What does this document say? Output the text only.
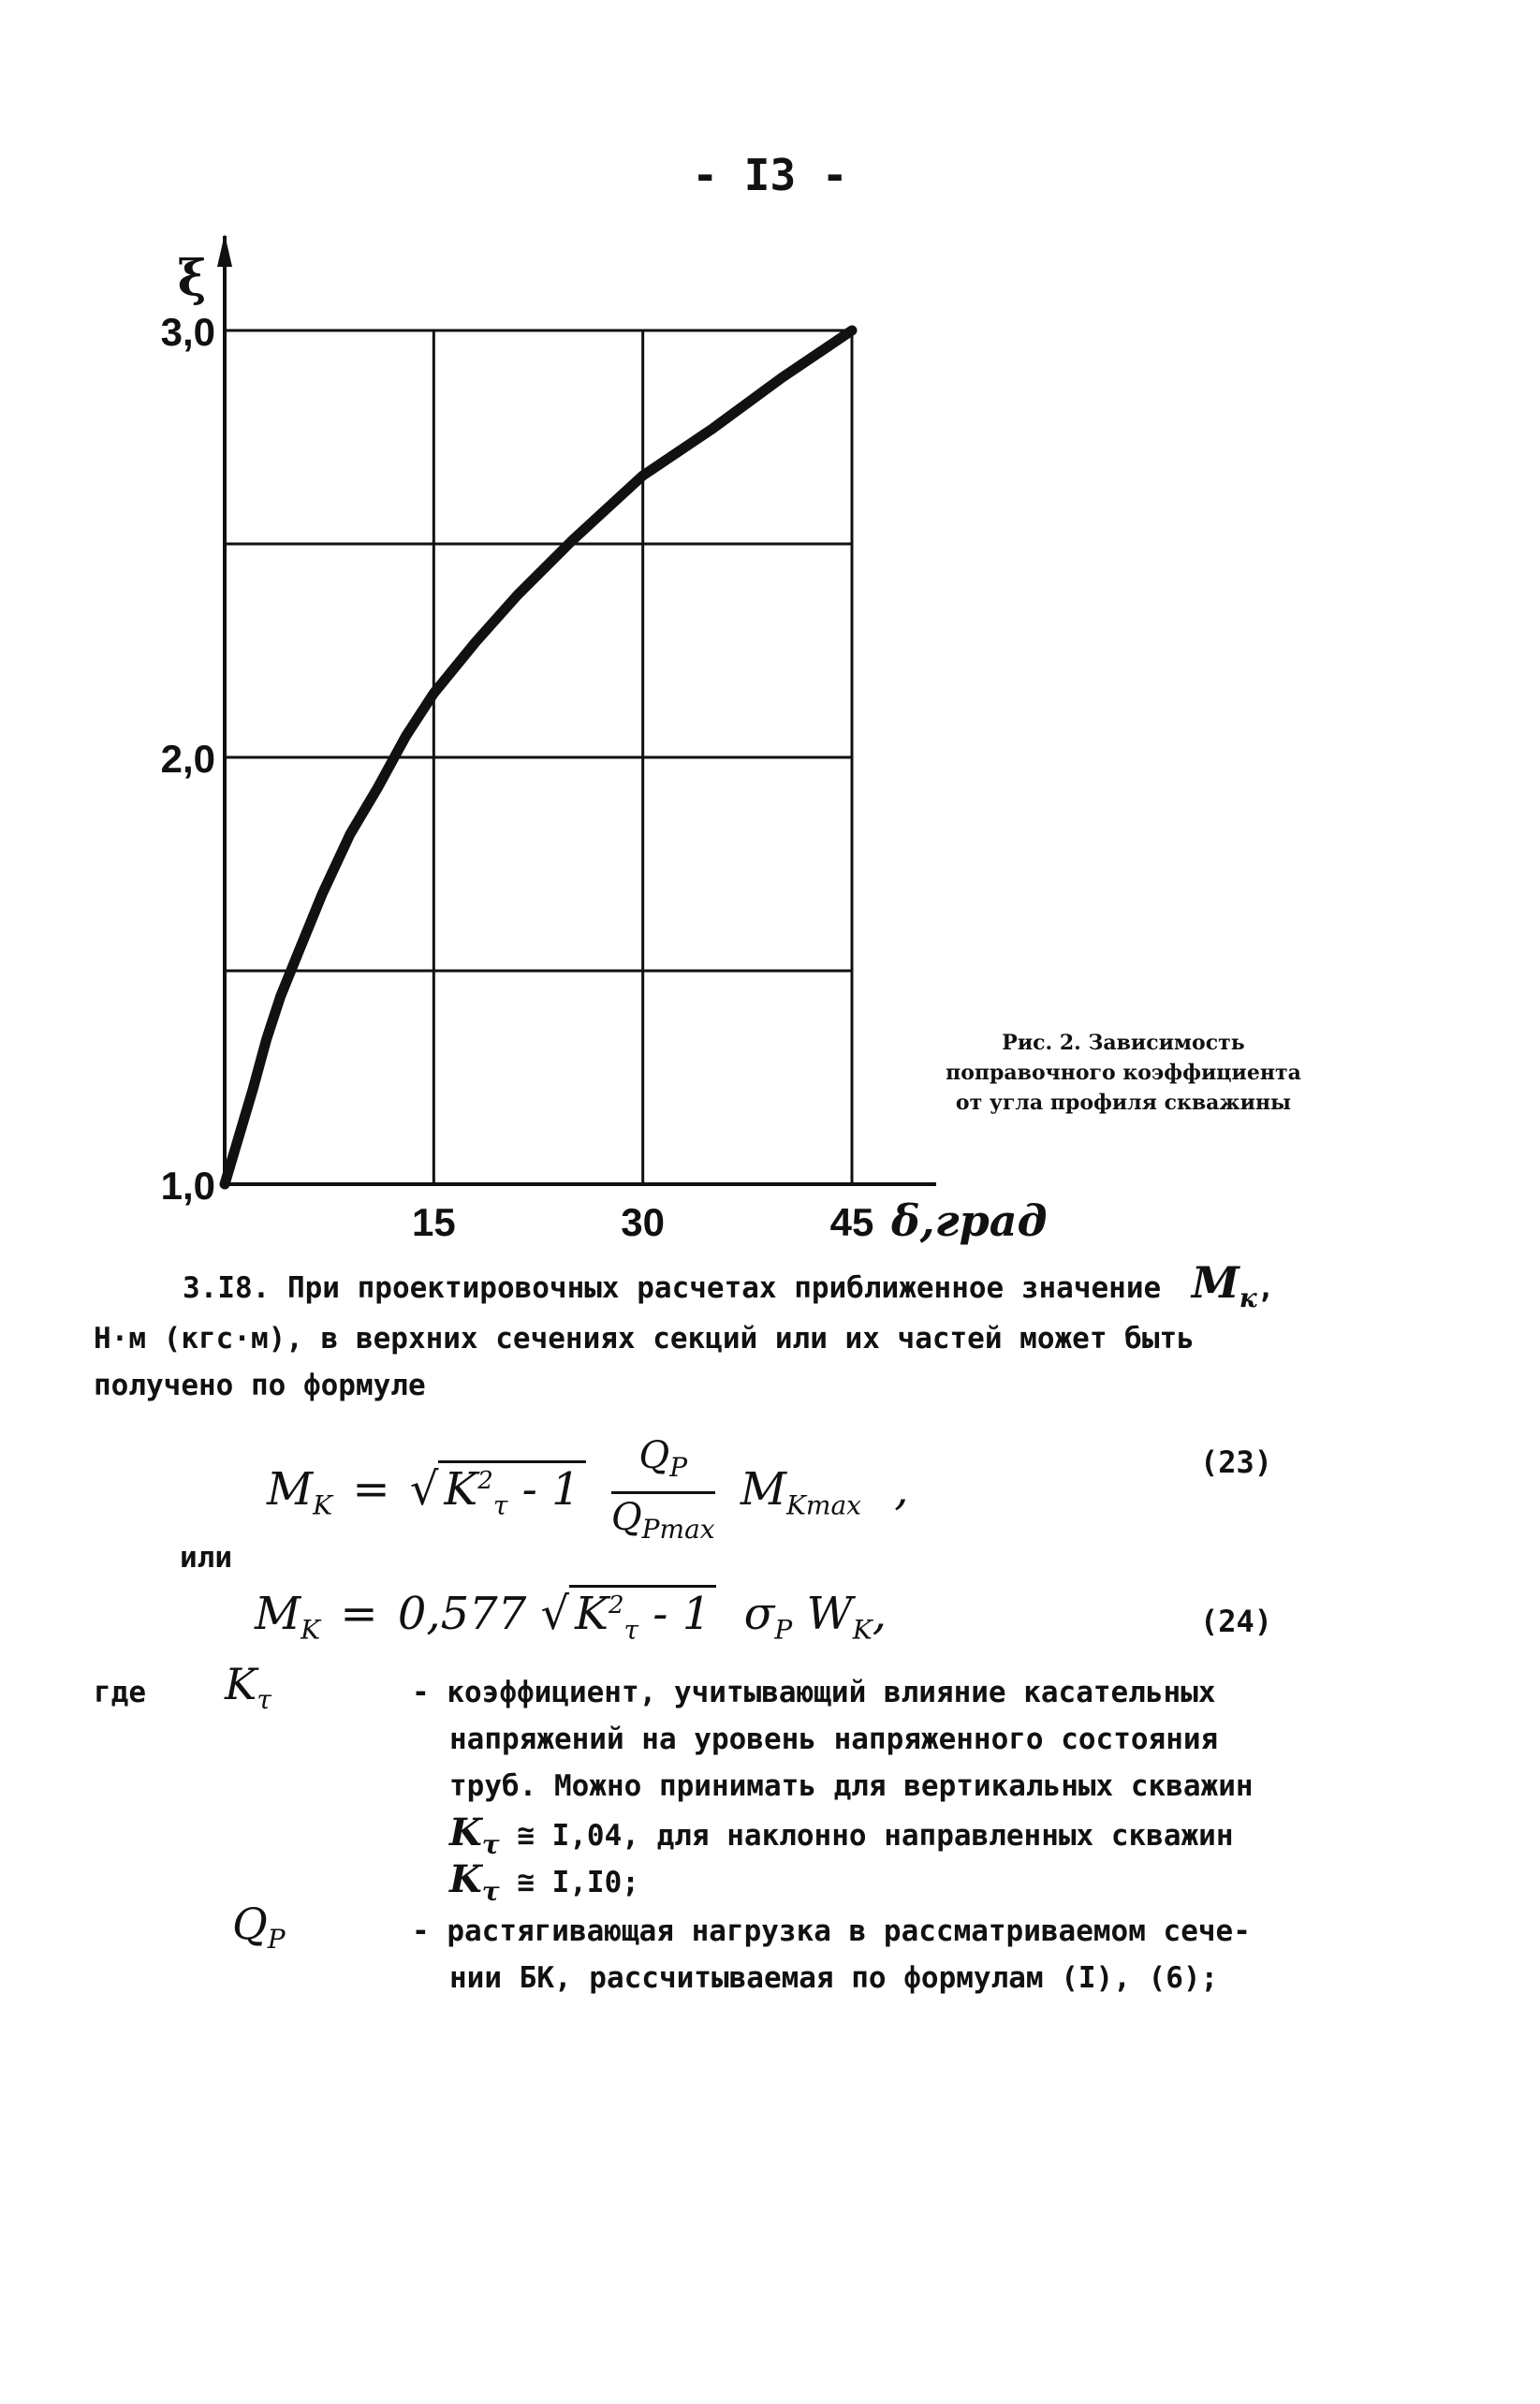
- I3 -
1,0
2,0
3,0
15	30	45
ξ
δ,град
Рис. 2. Зависимость
поправочного коэффициента
от угла профиля скважины
3.I8. При проектировочных расчетах приближенное значение $M_к$,
Н·м (кгс·м), в верхних сечениях секций или их частей может быть
получено по формуле
$M_K$ = √ $K^2_\tau - 1 \frac{Q_P}{Q_{Pmax}} M_{Kmax}$ ,
(23)
или
$M_K = 0,577$ √ $K^2_\tau - 1$ $\sigma_P$ $W_K$,	(24)
где $K_\tau$	- коэффициент, учитывающий влияние касательных
напряжений на уровень напряженного состояния
труб. Можно принимать для вертикальных скважин
$K_\tau$ ≅ I,04, для наклонно направленных скважин
$K_\tau$ ≅ I,I0;
$Q_P$	- растягивающая нагрузка в рассматриваемом сече-
нии БК, рассчитываемая по формулам (I), (6);
